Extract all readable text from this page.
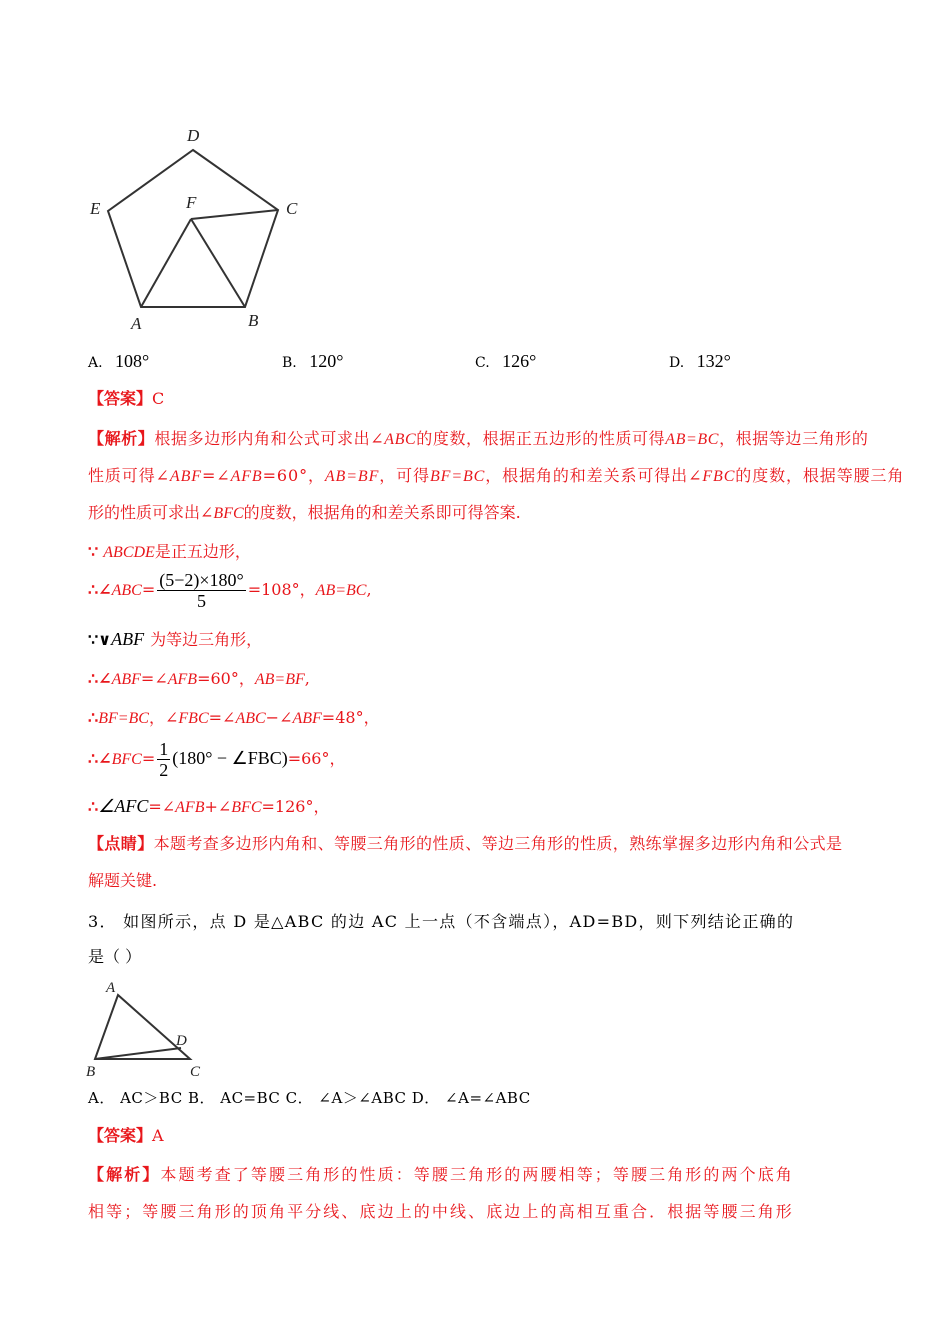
D
E	F	C
A	B
A. 108°	B. 120°	C. 126°	D. 132°
【答案】C
【解析】根据多边形内角和公式可求出∠ABC的度数，根据正五边形的性质可得AB=BC，根据等边三角形的
性质可得∠ABF=∠AFB=60°，AB=BF，可得BF=BC，根据角的和差关系可得出∠FBC的度数，根据等腰三角
形的性质可求出∠BFC的度数，根据角的和差关系即可得答案.
∵ ABCDE是正五边形，
∴∠ABC= $\frac{(5-2)\times 180^\circ}{5} =108^\circ$，AB=BC,
∵∨ABF 为等边三角形，
∴∠ABF=∠AFB=60°，AB=BF,
∴BF=BC，∠FBC=∠ABC−∠ABF=48°，
∴∠BFC= $\frac{1}{2} (180^\circ$ − ∠FBC)=66°，
∴∠AFC=∠AFB+∠BFC=126°，
【点睛】本题考查多边形内角和、等腰三角形的性质、等边三角形的性质，熟练掌握多边形内角和公式是
解题关键.
3． 如图所示，点 D 是△ABC 的边 AC 上一点（不含端点），AD=BD，则下列结论正确的
是（ ）
A
B	C
D
A． AC＞BC B． AC=BC C． ∠A＞∠ABC D． ∠A=∠ABC
【答案】A
【解析】本题考查了等腰三角形的性质：等腰三角形的两腰相等；等腰三角形的两个底角
相等；等腰三角形的顶角平分线、底边上的中线、底边上的高相互重合．根据等腰三角形
